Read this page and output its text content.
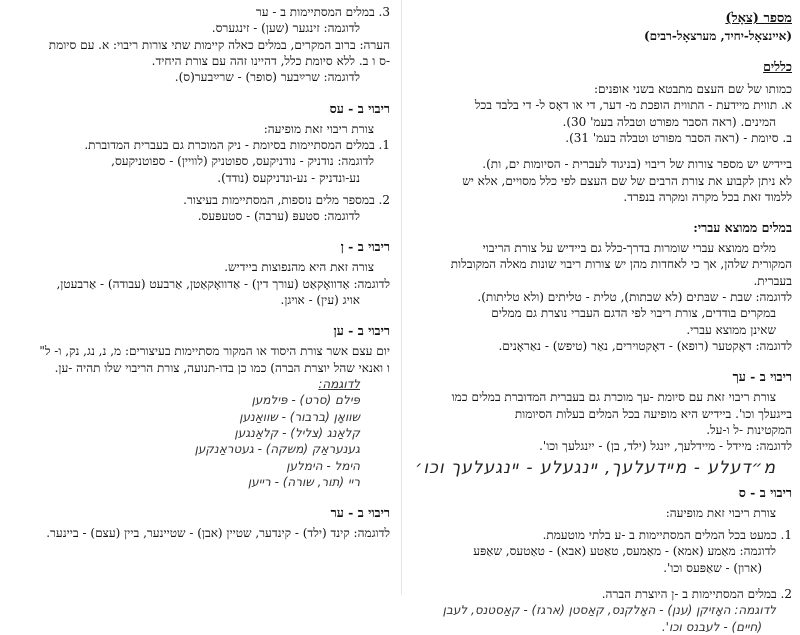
3. במלים המסתיימות ב - ער

לדוגמה: זינגער (שען) - זינגערס.

הערה: ברוב המקרים, במלים כאלה קיימות שתי צורות ריבוי: א. עם סיומת

-ס ו ב. ללא סיומת כלל, דהיינו זהה עם צורת היחיד.

לדוגמה: שרײַבער (סופר) - שרײַבער(ס).

ריבוי ב - עס

צורת ריבוי זאת מופיעה:

1. במלים המסתיימות בסיומת - ניק המוכרת גם בעברית המדוברת.

לדוגמה: נודניק - נודניקעס, ספוטניק (לוויין) - ספוטניקעס,

נע-ונדניק - נע-ונדניקעס (נודד).

2. במספר מלים נוספות, המסתיימות בעיצור.

לדוגמה: סטעפּ (ערבה) - סטעפּעס.

ריבוי ב - ן

צורה זאת היא מהנפוצות ביידיש.

לדוגמה: אַדוואָקאַט (עורך דין) - אַדוואָקאַטן, אַרבעט (עבודה) - אַרבעטן,

אויג (עין) - אויגן.

ריבוי ב - ען

יום עצם אשר צורת היסוד או המקור מסתיימות בעיצורים: מ, נ, נג, נק, ו- ל"

ו ואנאי שהל יוצרת הברה) כמו כן בדו-תנועה, צורת הריבוי שלו תהיה -ען.

לדוגמה:

פּילם (סרט) - פּילמען

שוואָן (ברבור) - שוואַנען

קלאַנג (צליל) - קלאַנגען

גענעראַק (משקה) - געטראַנקען

הימל - הימלען

ריי (תור, שורה) - רייען

ריבוי ב - ער

לדוגמה: קינד (ילד) - קינדער, שטיין (אבן) - שטיינער, ביין (עצם) - ביינער.

מספר (צאָל)

(איינצאָל-יחיד, מערצאָל-רבים)

כללים

כמותו של שם העצם מתבטא בשני אופנים:

א. תווית מיידעת - התווית הופכת מ- דער, די או דאָס ל- די בלבד בכל

המינים. (ראה הסבר מפורט וטבלה בעמ' 30).

ב. סיומת - (ראה הסבר מפורט וטבלה בעמ' 31).

ביידיש יש מספר צורות של ריבוי (בניגוד לעברית - הסיומות ים, ות).

לא ניתן לקבוע את צורת הרבים של שם העצם לפי כלל מסויים, אלא יש

ללמוד זאת בכל מקרה ומקרה בנפרד.

במלים ממוצא עברי:

מלים ממוצא עברי שומרות בדרך-כלל גם ביידיש על צורת הריבוי

המקורית שלהן, אך כי לאחדות מהן יש צורות ריבוי שונות מאלה המקובלות

בעברית.

לדוגמה: שבת - שבּתים (לא שבתות), טלית - טליתים (ולא טליתות).

במקרים בודדים, צורת ריבוי לפי הדגם העברי נוצרת גם ממלים

שאינן ממוצא עברי.

לדוגמה: דאָקטער (רופא) - דאָקטוירים, נאַר (טיפש) - נאַראָנים.

ריבוי ב - עך

צורת ריבוי זאת עם סיומת -עך מוכרת גם בעברית המדוברת במלים כמו

בײגעלך וכו'. ביידיש היא מופיעה בכל המלים בעלות הסיומות

המקטינות -ל ו-על.

לדוגמה: מיידל - מיידלעך, ייִנגל (ילד, בן) - ייִנגלעך וכו'.

מ״דעלע - מײדעלעך, ײנגעלע - ײנגעלעך וכו׳

ריבוי ב - ס

צורת ריבוי זאת מופיעה:

1. כמעט בכל המלים המסתיימות ב -ע בלתי מוטעמת.

לדוגמה: מאַמע (אמא) - מאַמעס, טאַטע (אבא) - טאַטעס, שאַפּע

(ארון) - שאַפּעס וכו'.

2. במלים המסתיימות ב -ן היוצרת הברה.

לדוגמה: האָזיקן (ענן) - האָלקנס, קאַסטן (ארגז) - קאַסטנס, לעבן

(חיים) - לעבנס וכו'.
